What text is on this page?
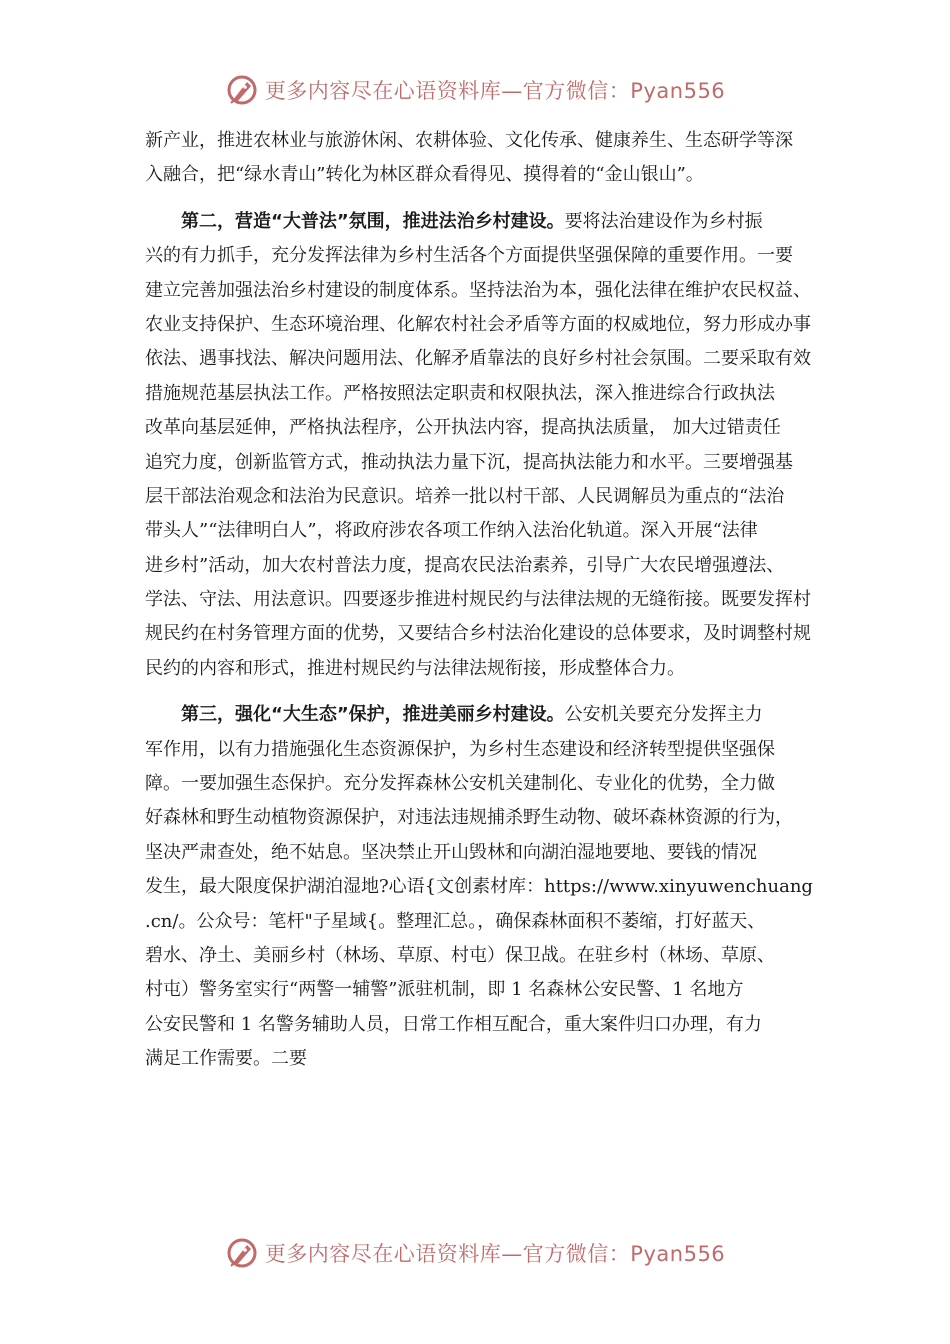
更多内容尽在心语资料库—官方微信：Pyan556
新产业，推进农林业与旅游休闲、农耕体验、文化传承、健康养生、生态研学等深
入融合，把“绿水青山”转化为林区群众看得见、摸得着的“金山银山”。
第二，营造“大普法”氛围，推进法治乡村建设。要将法治建设作为乡村振
兴的有力抓手，充分发挥法律为乡村生活各个方面提供坚强保障的重要作用。一要
建立完善加强法治乡村建设的制度体系。坚持法治为本，强化法律在维护农民权益、
农业支持保护、生态环境治理、化解农村社会矛盾等方面的权威地位，努力形成办事
依法、遇事找法、解决问题用法、化解矛盾靠法的良好乡村社会氛围。二要采取有效
措施规范基层执法工作。严格按照法定职责和权限执法，深入推进综合行政执法
改革向基层延伸，严格执法程序，公开执法内容，提高执法质量， 加大过错责任
追究力度，创新监管方式，推动执法力量下沉，提高执法能力和水平。三要增强基
层干部法治观念和法治为民意识。培养一批以村干部、人民调解员为重点的“法治
带头人”“法律明白人”，将政府涉农各项工作纳入法治化轨道。深入开展“法律
进乡村”活动，加大农村普法力度，提高农民法治素养，引导广大农民增强遵法、
学法、守法、用法意识。四要逐步推进村规民约与法律法规的无缝衔接。既要发挥村
规民约在村务管理方面的优势，又要结合乡村法治化建设的总体要求，及时调整村规
民约的内容和形式，推进村规民约与法律法规衔接，形成整体合力。
第三，强化“大生态”保护，推进美丽乡村建设。公安机关要充分发挥主力
军作用，以有力措施强化生态资源保护，为乡村生态建设和经济转型提供坚强保
障。一要加强生态保护。充分发挥森林公安机关建制化、专业化的优势，全力做
好森林和野生动植物资源保护，对违法违规捕杀野生动物、破坏森林资源的行为，
坚决严肃查处，绝不姑息。坚决禁止开山毁林和向湖泊湿地要地、要钱的情况
发生，最大限度保护湖泊湿地?心语{文创素材库：https://www.xinyuwenchuang
.cn/。公众号：笔杆"子星域{。整理汇总。，确保森林面积不萎缩，打好蓝天、
碧水、净土、美丽乡村（林场、草原、村屯）保卫战。在驻乡村（林场、草原、
村屯）警务室实行“两警一辅警”派驻机制，即 1 名森林公安民警、1 名地方
公安民警和 1 名警务辅助人员，日常工作相互配合，重大案件归口办理，有力
满足工作需要。二要
更多内容尽在心语资料库—官方微信：Pyan556
